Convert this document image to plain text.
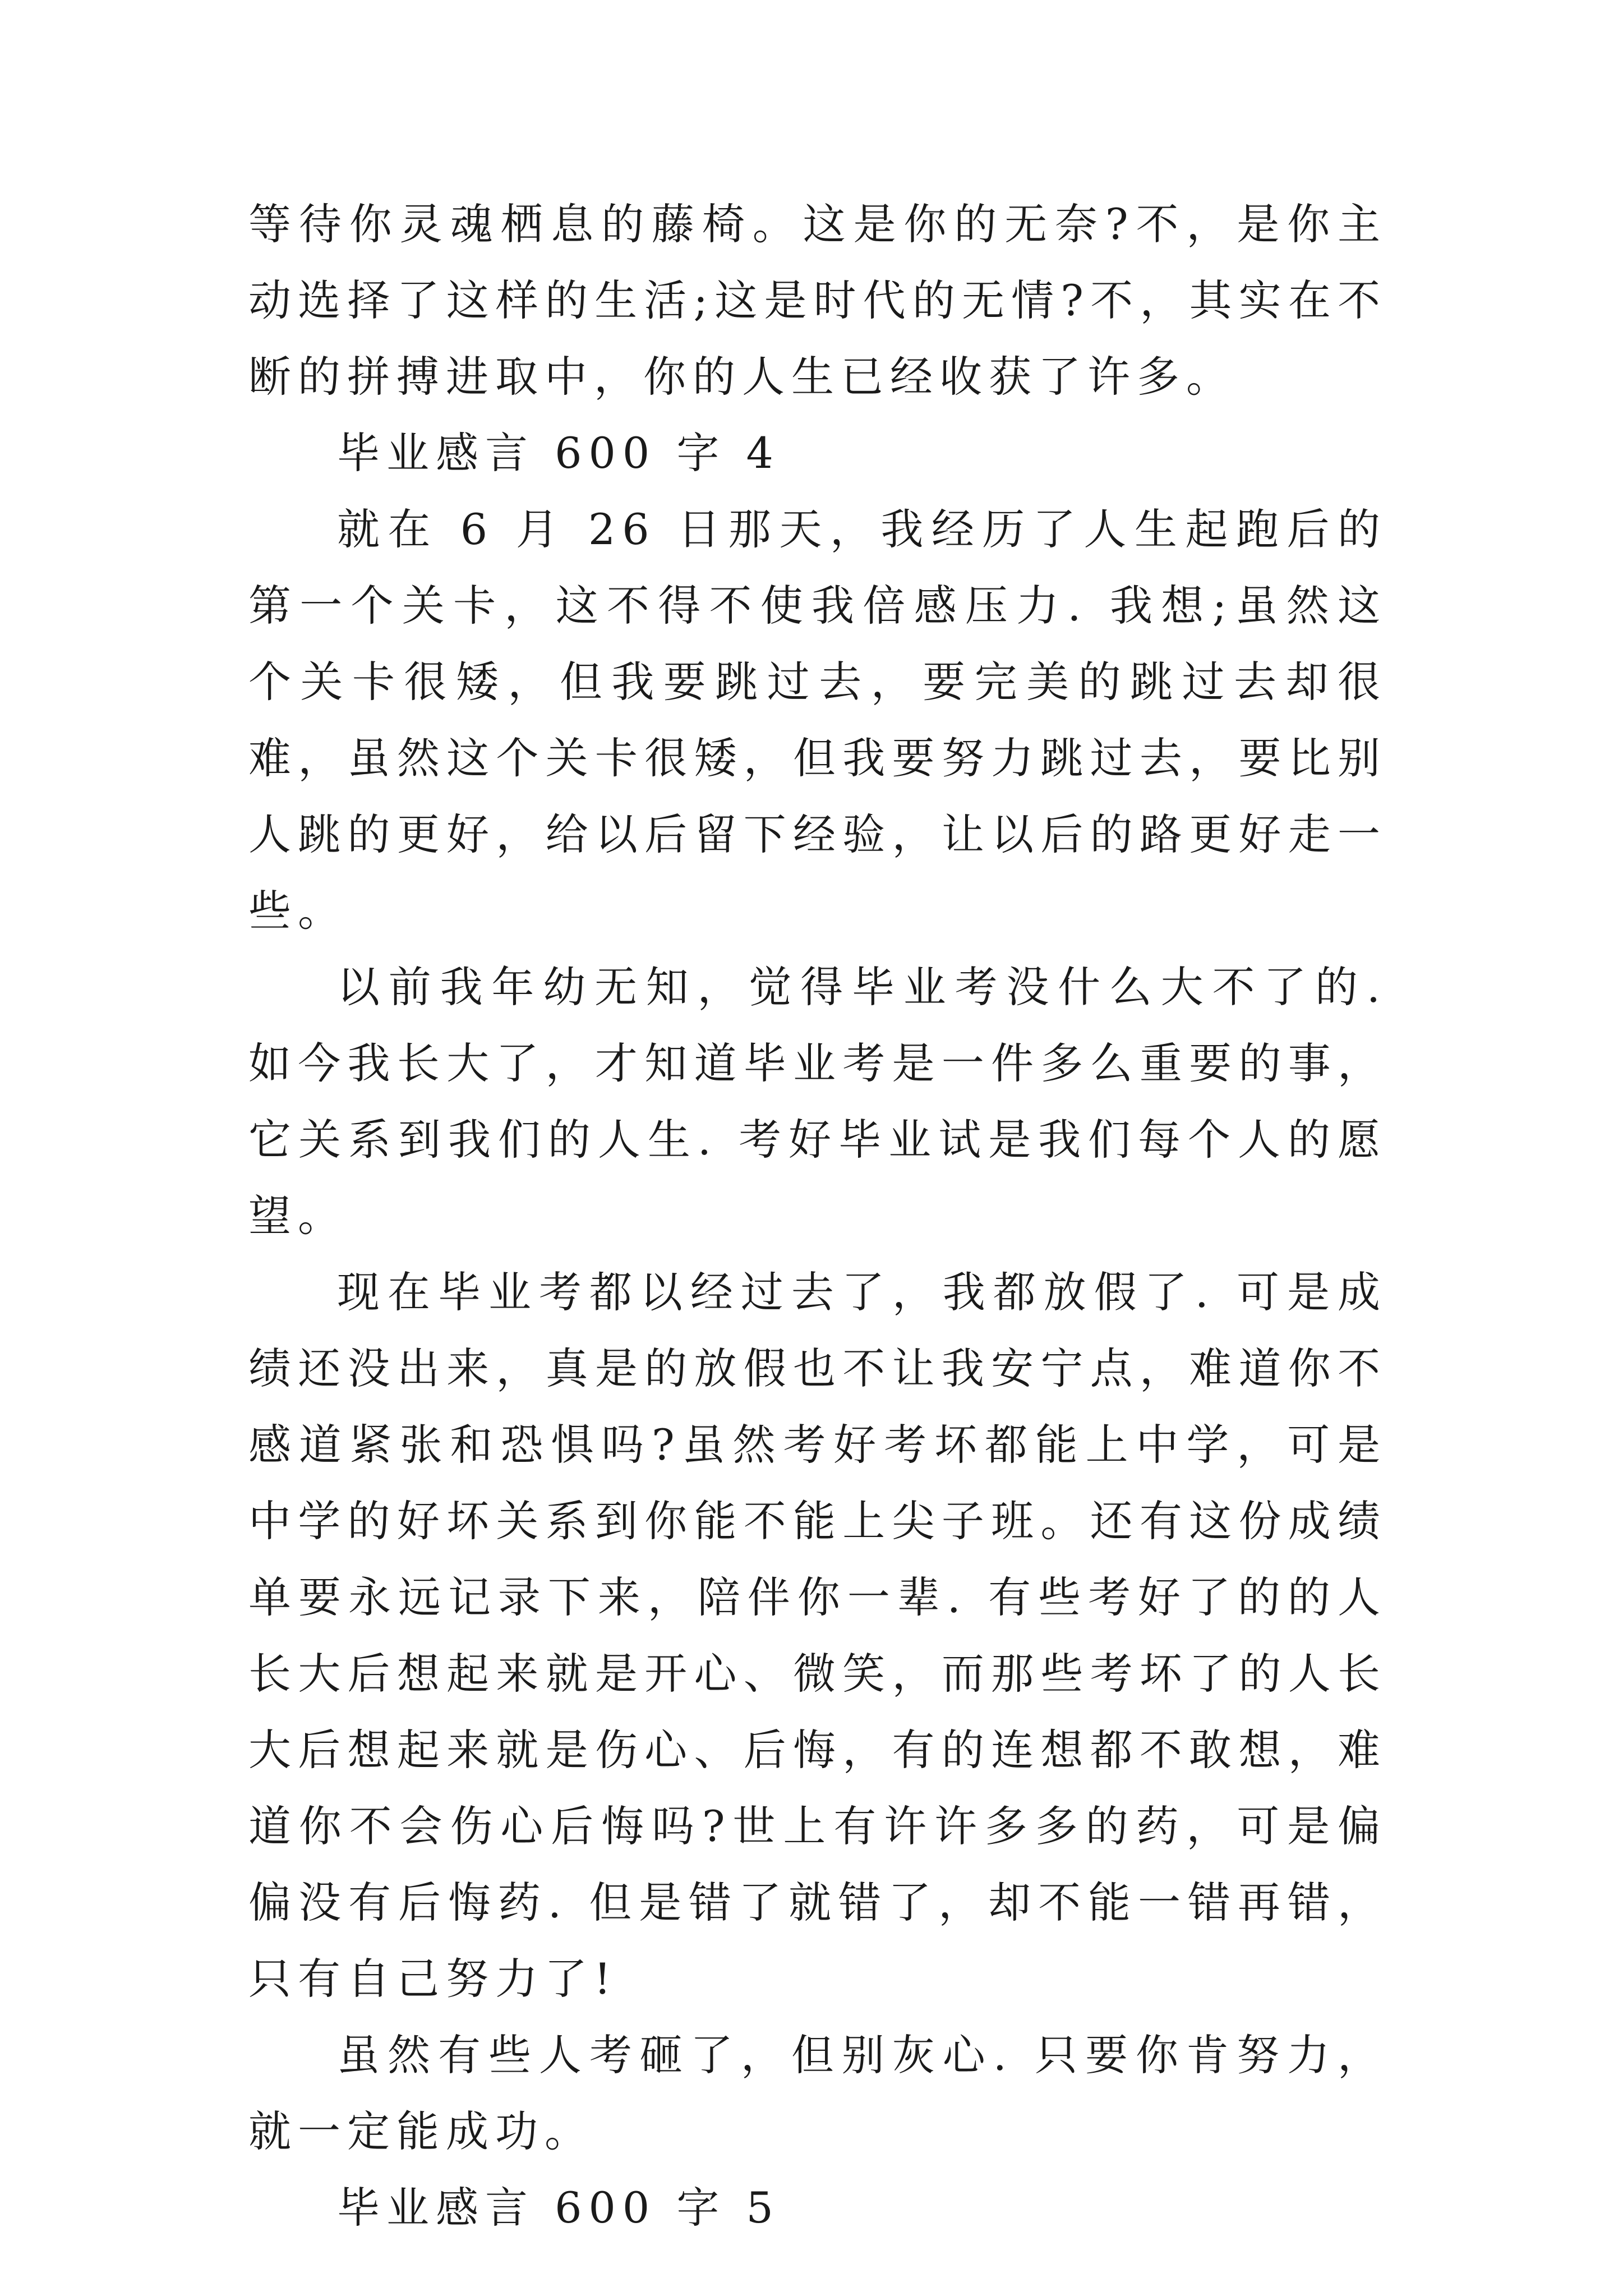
等待你灵魂栖息的藤椅。这是你的无奈?不，是你主动选择了这样的生活;这是时代的无情?不，其实在不断的拼搏进取中，你的人生已经收获了许多。

毕业感言 600 字 4

就在 6 月 26 日那天，我经历了人生起跑后的第一个关卡，这不得不使我倍感压力. 我想;虽然这个关卡很矮，但我要跳过去，要完美的跳过去却很难，虽然这个关卡很矮，但我要努力跳过去，要比别人跳的更好，给以后留下经验，让以后的路更好走一些。

以前我年幼无知，觉得毕业考没什么大不了的. 如今我长大了，才知道毕业考是一件多么重要的事，它关系到我们的人生. 考好毕业试是我们每个人的愿望。

现在毕业考都以经过去了，我都放假了. 可是成绩还没出来，真是的放假也不让我安宁点，难道你不感道紧张和恐惧吗?虽然考好考坏都能上中学，可是中学的好坏关系到你能不能上尖子班。还有这份成绩单要永远记录下来，陪伴你一辈. 有些考好了的的人长大后想起来就是开心、微笑，而那些考坏了的人长大后想起来就是伤心、后悔，有的连想都不敢想，难道你不会伤心后悔吗?世上有许许多多的药，可是偏偏没有后悔药. 但是错了就错了，却不能一错再错，只有自己努力了!

虽然有些人考砸了，但别灰心. 只要你肯努力，就一定能成功。

毕业感言 600 字 5
